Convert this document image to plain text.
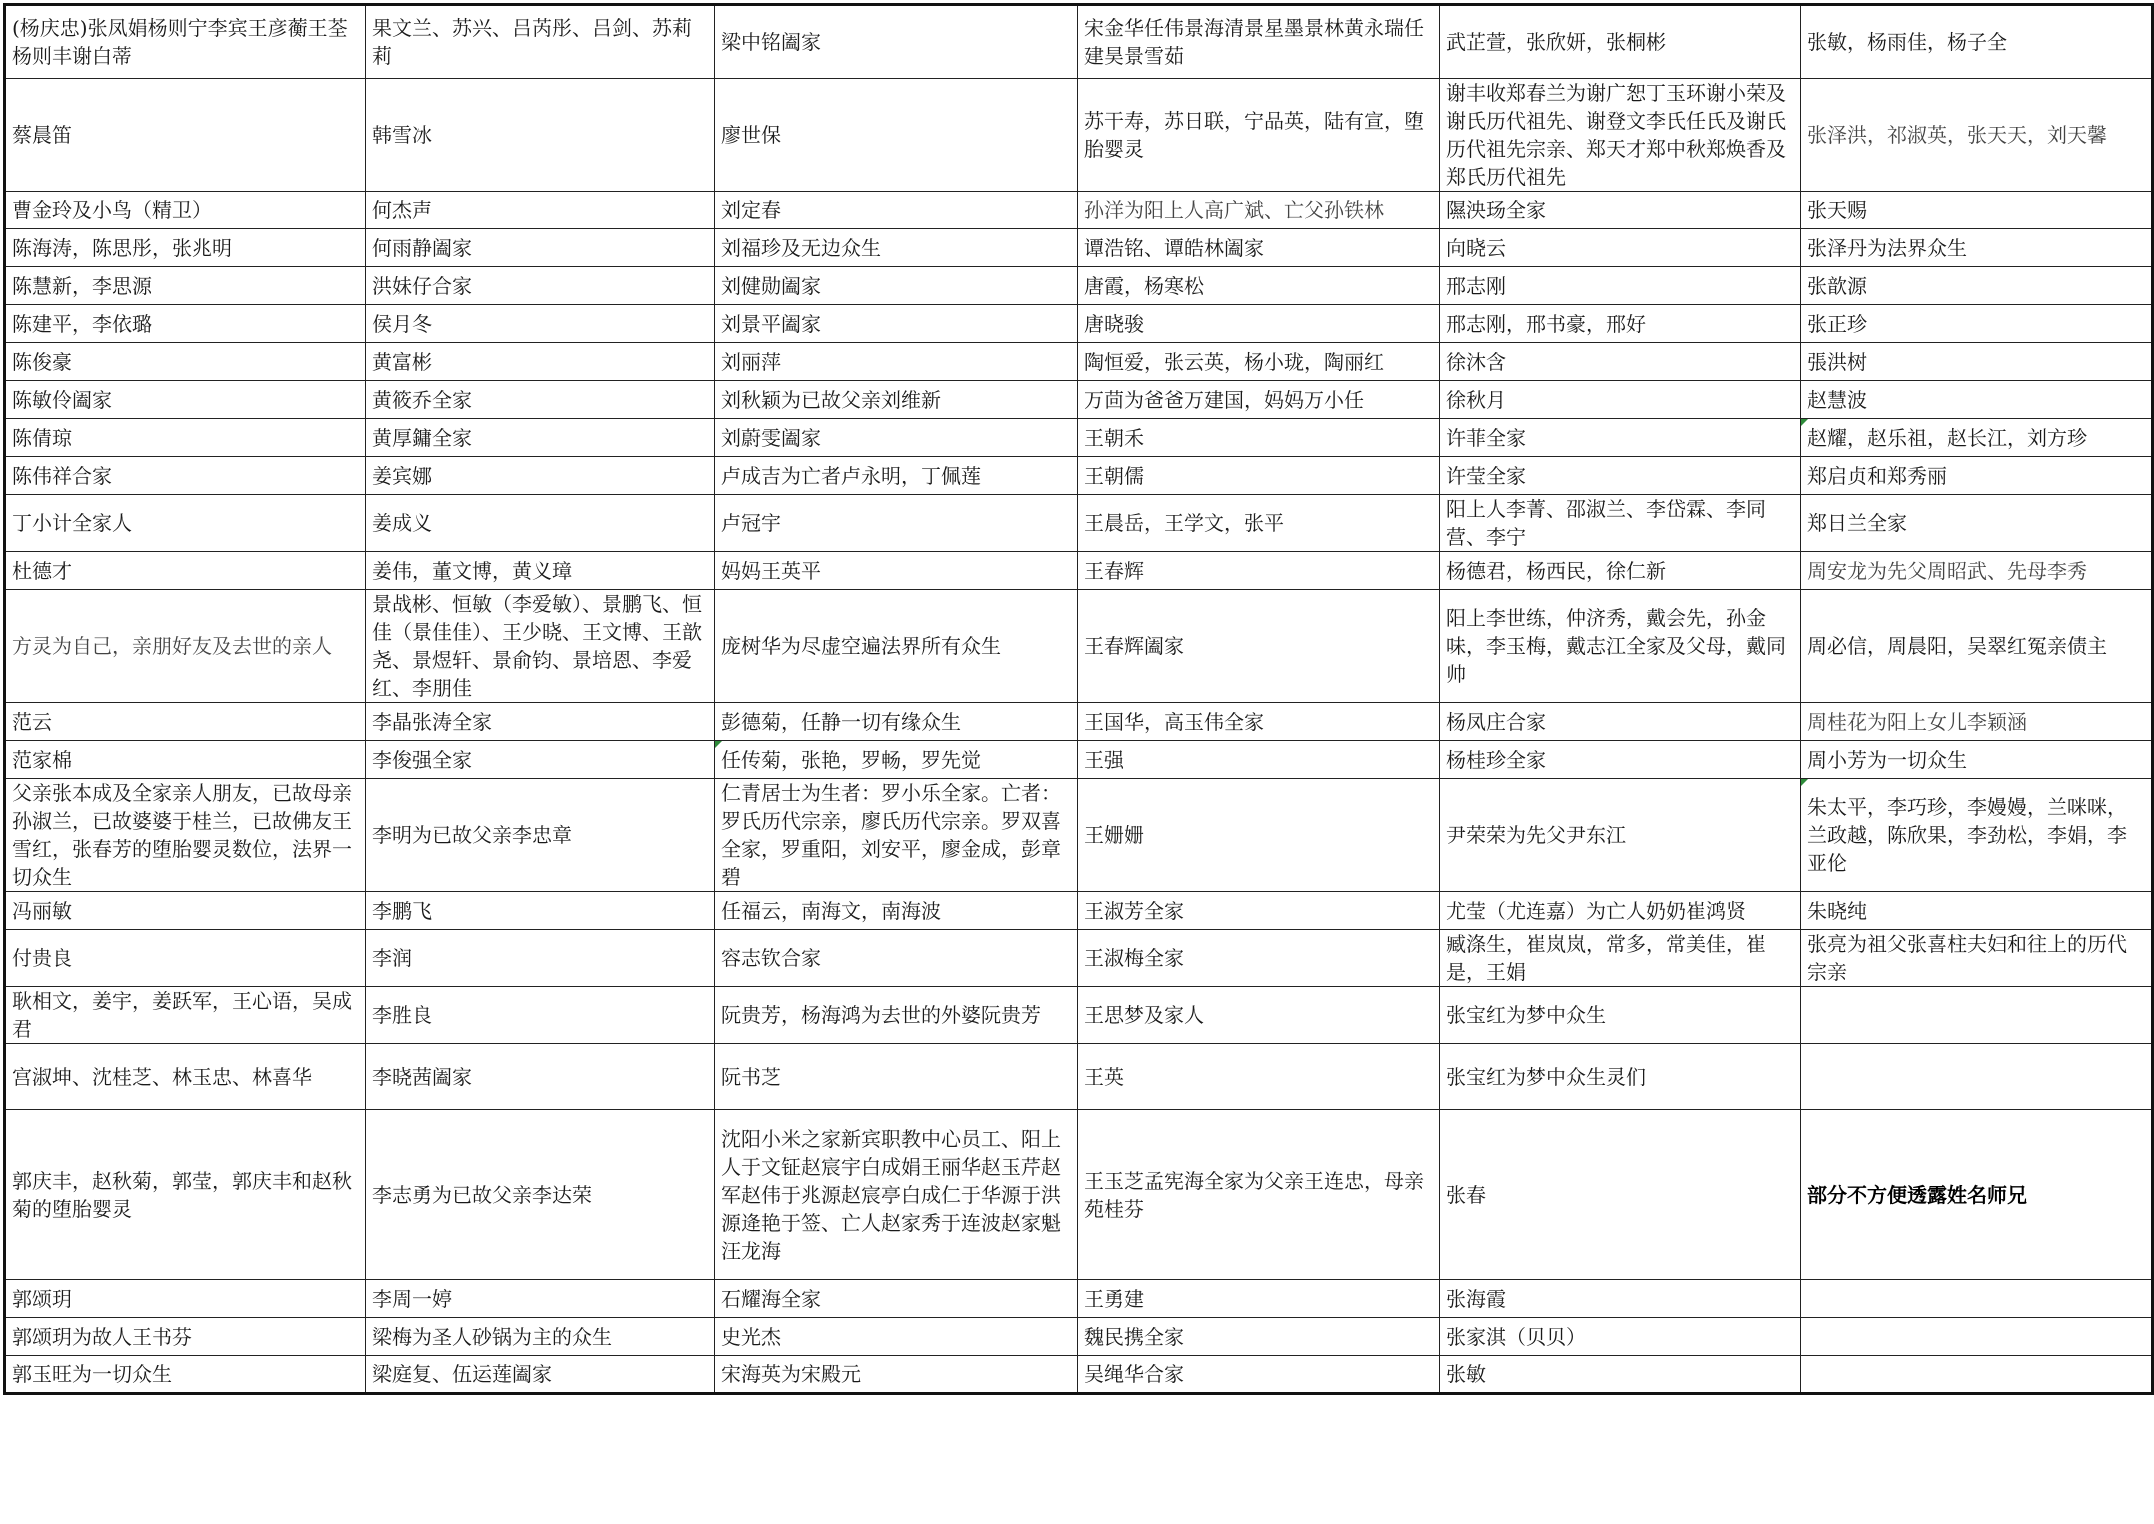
(杨庆忠)张凤娟杨则宁李宾王彦蘅王荃杨则丰谢白蒂	果文兰、苏兴、吕芮彤、吕剑、苏莉莉	梁中铭阖家	宋金华任伟景海清景星墨景林黄永瑞任建昊景雪茹	武芷萱，张欣妍，张桐彬	张敏，杨雨佳，杨子全
蔡晨笛	韩雪冰	廖世保	苏干寿，苏日联，宁品英，陆有宣，堕胎婴灵	谢丰收郑春兰为谢广恕丁玉环谢小荣及谢氏历代祖先、谢登文李氏任氏及谢氏历代祖先宗亲、郑天才郑中秋郑焕香及郑氏历代祖先	张泽洪，祁淑英，张天天，刘天馨
曹金玲及小鸟（精卫）	何杰声	刘定春	孙洋为阳上人高广斌、亡父孙铁林	隰泱玚全家	张天赐
陈海涛，陈思彤，张兆明	何雨静阖家	刘福珍及无边众生	谭浩铭、谭皓林阖家	向晓云	张泽丹为法界众生
陈慧新，李思源	洪妹仔合家	刘健勋阖家	唐霞，杨寒松	邢志刚	张歆源
陈建平，李依璐	侯月冬	刘景平阖家	唐晓骏	邢志刚，邢书豪，邢好	张正珍
陈俊豪	黄富彬	刘丽萍	陶恒爱，张云英，杨小珑，陶丽红	徐沐含	張洪树
陈敏伶阖家	黄筱乔全家	刘秋颖为已故父亲刘维新	万茴为爸爸万建国，妈妈万小任	徐秋月	赵慧波
陈倩琼	黄厚鏞全家	刘蔚雯阖家	王朝禾	许菲全家	赵耀，赵乐祖，赵长江，刘方珍
陈伟祥合家	姜宾娜	卢成吉为亡者卢永明，丁佩莲	王朝儒	许莹全家	郑启贞和郑秀丽
丁小计全家人	姜成义	卢冠宇	王晨岳，王学文，张平	阳上人李菁、邵淑兰、李岱霖、李同营、李宁	郑日兰全家
杜德才	姜伟，董文博，黄义璋	妈妈王英平	王春辉	杨德君，杨西民，徐仁新	周安龙为先父周昭武、先母李秀
方灵为自己，亲朋好友及去世的亲人	景战彬、恒敏（李爱敏）、景鹏飞、恒佳（景佳佳）、王少晓、王文博、王歆尧、景煜轩、景俞钧、景培恩、李爱红、李朋佳	庞树华为尽虚空遍法界所有众生	王春辉阖家	阳上李世练，仲济秀，戴会先，孙金味，李玉梅，戴志江全家及父母，戴同帅	周必信，周晨阳，吴翠红冤亲债主
范云	李晶张涛全家	彭德菊，任静一切有缘众生	王国华，高玉伟全家	杨凤庄合家	周桂花为阳上女儿李颖涵
范家棉	李俊强全家	任传菊，张艳，罗畅，罗先觉	王强	杨桂珍全家	周小芳为一切众生
父亲张本成及全家亲人朋友，已故母亲孙淑兰，已故婆婆于桂兰，已故佛友王雪红，张春芳的堕胎婴灵数位，法界一切众生	李明为已故父亲李忠章	仁青居士为生者：罗小乐全家。亡者：罗氏历代宗亲，廖氏历代宗亲。罗双喜全家，罗重阳，刘安平，廖金成，彭章碧	王姗姗	尹荣荣为先父尹东江	朱太平，李巧珍，李嫚嫚，兰咪咪，兰政越，陈欣果，李劲松，李娟，李亚伦
冯丽敏	李鹏飞	任福云，南海文，南海波	王淑芳全家	尤莹（尤连嘉）为亡人奶奶崔鸿贤	朱晓纯
付贵良	李润	容志钦合家	王淑梅全家	臧涤生，崔岚岚，常多，常美佳，崔是，王娟	张亮为祖父张喜柱夫妇和往上的历代宗亲
耿相文，姜宇，姜跃军，王心语，吴成君	李胜良	阮贵芳，杨海鸿为去世的外婆阮贵芳	王思梦及家人	张宝红为梦中众生	
宫淑坤、沈桂芝、林玉忠、林喜华	李晓茜阖家	阮书芝	王英	张宝红为梦中众生灵们	
郭庆丰，赵秋菊，郭莹，郭庆丰和赵秋菊的堕胎婴灵	李志勇为已故父亲李达荣	沈阳小米之家新宾职教中心员工、阳上人于文钲赵宸宇白成娟王丽华赵玉芹赵军赵伟于兆源赵宸亭白成仁于华源于洪源逄艳于签、亡人赵家秀于连波赵家魁汪龙海	王玉芝孟宪海全家为父亲王连忠，母亲苑桂芬	张春	部分不方便透露姓名师兄
郭颂玥	李周一婷	石耀海全家	王勇建	张海霞	
郭颂玥为故人王书芬	梁梅为圣人砂锅为主的众生	史光杰	魏民携全家	张家淇（贝贝）	
郭玉旺为一切众生	梁庭复、伍运莲阖家	宋海英为宋殿元	吴绳华合家	张敏	
